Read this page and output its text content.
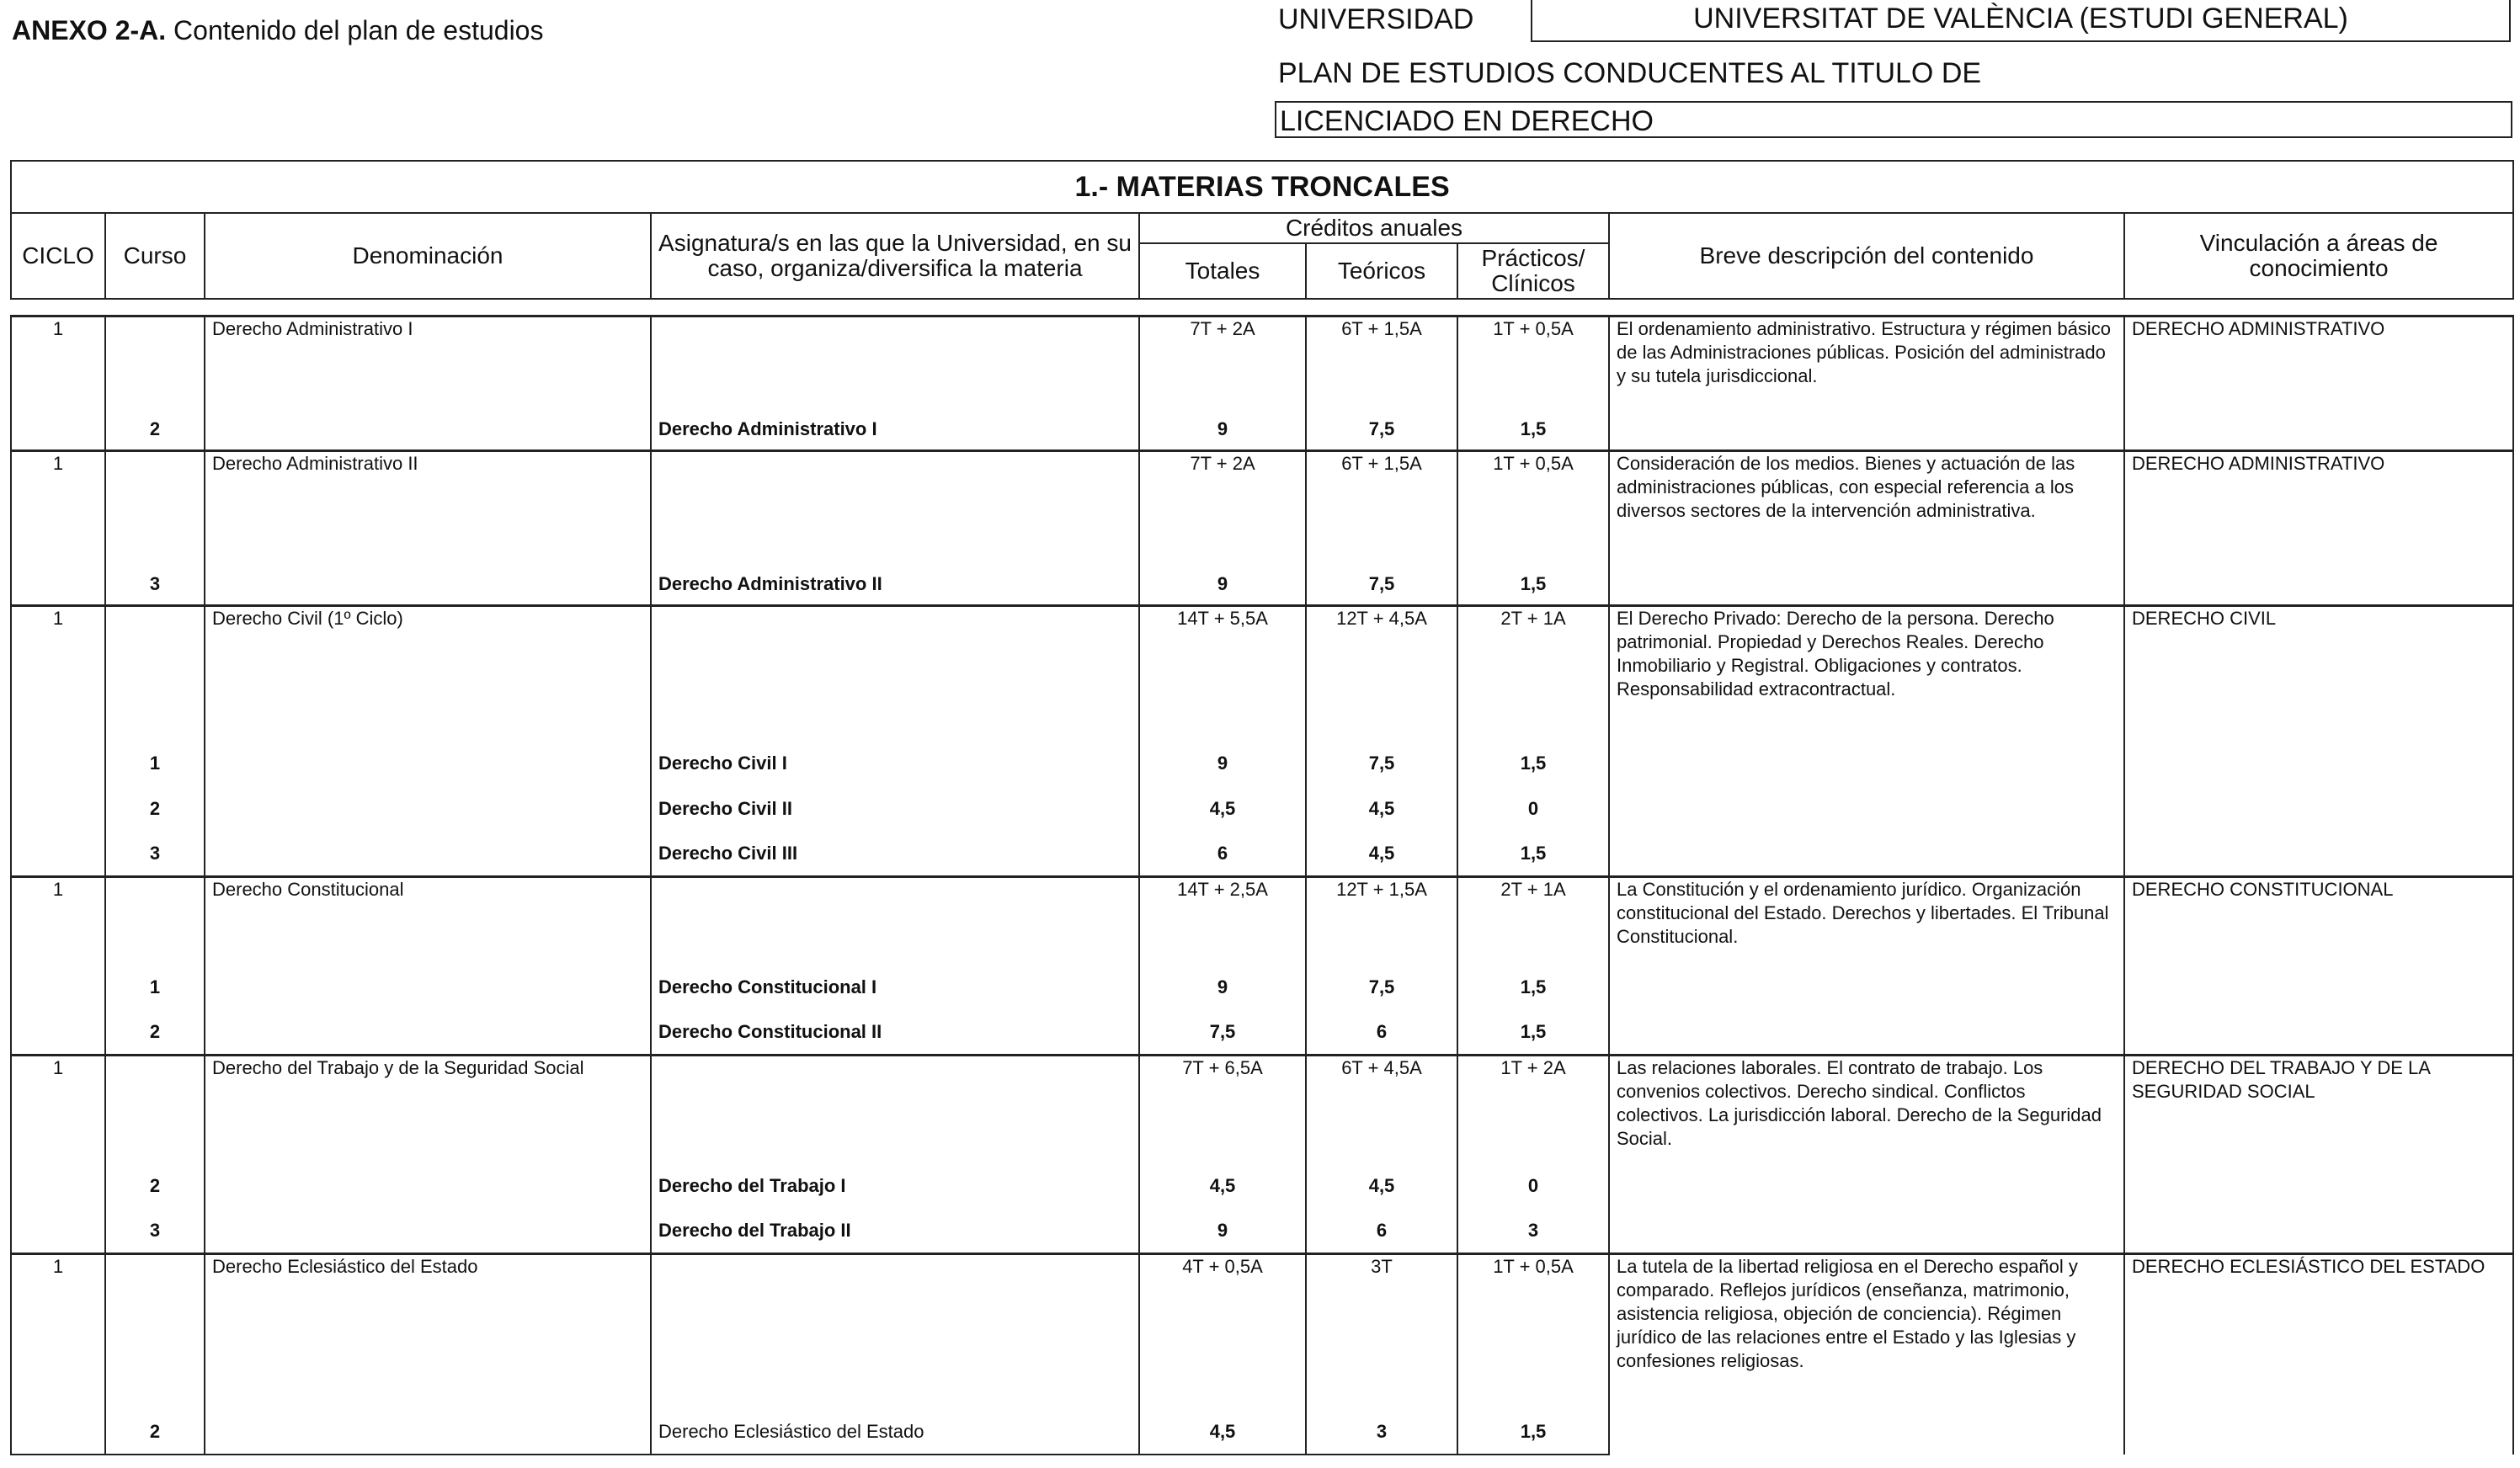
ANEXO 2-A. Contenido del plan de estudios	UNIVERSIDAD	UNIVERSITAT DE VALÈNCIA (ESTUDI GENERAL)
PLAN DE ESTUDIOS CONDUCENTES AL TITULO DE
LICENCIADO EN DERECHO
1.- MATERIAS TRONCALES								
CICLO	Curso	Denominación	Asignatura/s en las que la Universidad, en su caso, organiza/diversifica la materia	Créditos anuales			Breve descripción del contenido	Vinculación a áreas de conocimiento
				Totales	Teóricos	Prácticos/ Clínicos		
1		Derecho Administrativo I		7T + 2A	6T + 1,5A	1T + 0,5A	El ordenamiento administrativo. Estructura y régimen básico de las Administraciones públicas. Posición del administrado y su tutela jurisdiccional.	DERECHO ADMINISTRATIVO
	2		Derecho Administrativo I	9	7,5	1,5		
1		Derecho Administrativo II		7T + 2A	6T + 1,5A	1T + 0,5A	Consideración de los medios. Bienes y actuación de las administraciones públicas, con especial referencia a los diversos sectores de la intervención administrativa.	DERECHO ADMINISTRATIVO
	3		Derecho Administrativo II	9	7,5	1,5		
1		Derecho Civil (1º Ciclo)		14T + 5,5A	12T + 4,5A	2T + 1A	El Derecho Privado: Derecho de la persona. Derecho patrimonial. Propiedad y Derechos Reales. Derecho Inmobiliario y Registral. Obligaciones y contratos. Responsabilidad extracontractual.	DERECHO CIVIL
	1		Derecho Civil I	9	7,5	1,5		
	2		Derecho Civil II	4,5	4,5	0		
	3		Derecho Civil III	6	4,5	1,5		
1		Derecho Constitucional		14T + 2,5A	12T + 1,5A	2T + 1A	La Constitución y el ordenamiento jurídico. Organización constitucional del Estado. Derechos y libertades. El Tribunal Constitucional.	DERECHO CONSTITUCIONAL
	1		Derecho Constitucional I	9	7,5	1,5		
	2		Derecho Constitucional II	7,5	6	1,5		
1		Derecho del Trabajo y de la Seguridad Social		7T + 6,5A	6T + 4,5A	1T + 2A	Las relaciones laborales. El contrato de trabajo. Los convenios colectivos. Derecho sindical. Conflictos colectivos. La jurisdicción laboral. Derecho de la Seguridad Social.	DERECHO DEL TRABAJO Y DE LA SEGURIDAD SOCIAL
	2		Derecho del Trabajo I	4,5	4,5	0		
	3		Derecho del Trabajo II	9	6	3		
1		Derecho Eclesiástico del Estado		4T + 0,5A	3T	1T + 0,5A	La tutela de la libertad religiosa en el Derecho español y comparado. Reflejos jurídicos (enseñanza, matrimonio, asistencia religiosa, objeción de conciencia). Régimen jurídico de las relaciones entre el Estado y las Iglesias y confesiones religiosas.	DERECHO ECLESIÁSTICO DEL ESTADO
	2		Derecho Eclesiástico del Estado	4,5	3	1,5		
